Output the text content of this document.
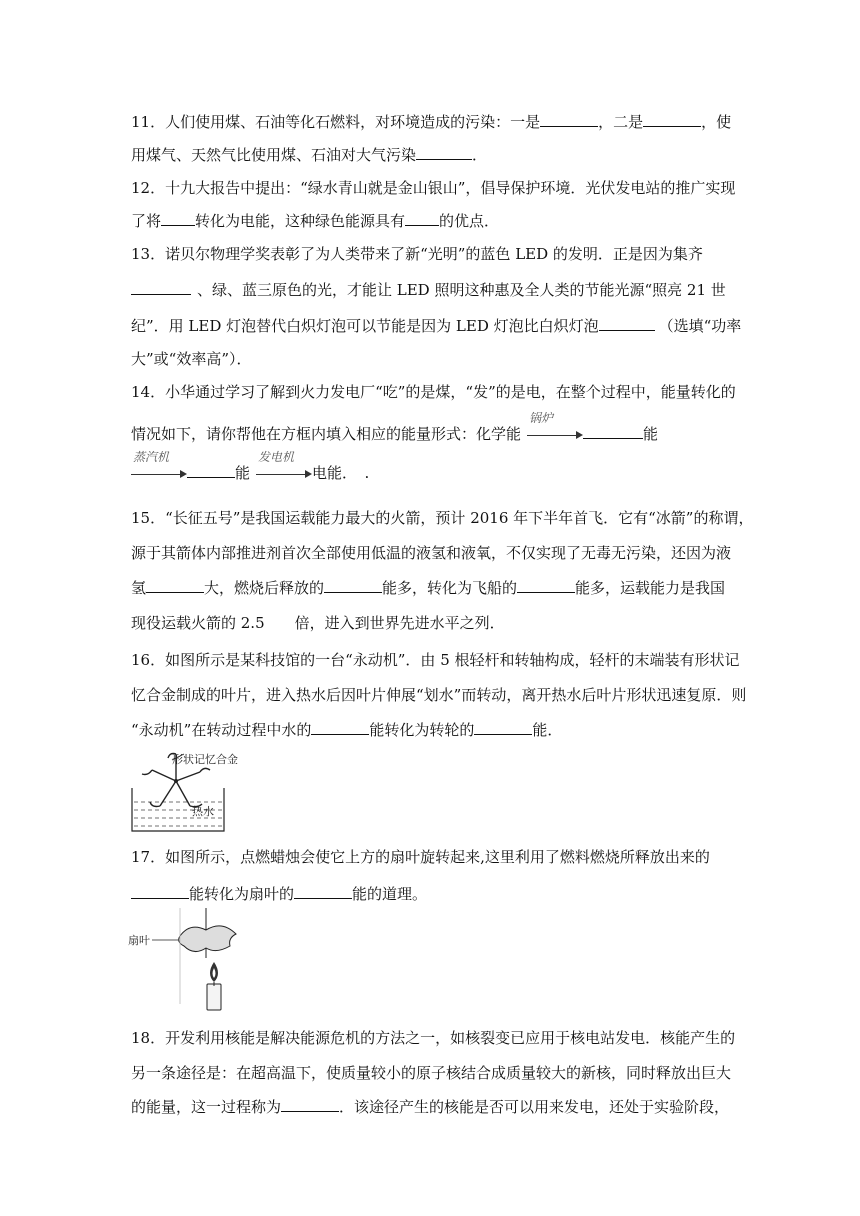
11．人们使用煤、石油等化石燃料，对环境造成的污染：一是	，二是	，使
用煤气、天然气比使用煤、石油对大气污染	．
12．十九大报告中提出：“绿水青山就是金山银山”，倡导保护环境．光伏发电站的推广实现
了将 转化为电能，这种绿色能源具有 的优点．
13．诺贝尔物理学奖表彰了为人类带来了新“光明”的蓝色 LED 的发明．正是因为集齐
、绿、蓝三原色的光，才能让 LED 照明这种惠及全人类的节能光源“照亮 21 世
纪”．用 LED 灯泡替代白炽灯泡可以节能是因为 LED 灯泡比白炽灯泡	（选填“功率
大”或“效率高”）．
14．小华通过学习了解到火力发电厂“吃”的是煤，“发”的是电，在整个过程中，能量转化的
情况如下，请你帮他在方框内填入相应的能量形式：化学能
锅炉
能
蒸汽机
能
发电机
电能．　.
15．“长征五号”是我国运载能力最大的火箭，预计 2016 年下半年首飞．它有“冰箭”的称谓，
源于其箭体内部推进剂首次全部使用低温的液氢和液氧，不仅实现了无毒无污染，还因为液
氢	大，燃烧后释放的	能多，转化为飞船的	能多，运载能力是我国
现役运载火箭的 2.5　　倍，进入到世界先进水平之列．
16．如图所示是某科技馆的一台“永动机”．由 5 根轻杆和转轴构成，轻杆的末端装有形状记
忆合金制成的叶片，进入热水后因叶片伸展“划水”而转动，离开热水后叶片形状迅速复原．则
“永动机”在转动过程中水的	能转化为转轮的	能．
形状记忆合金
热水
17．如图所示，点燃蜡烛会使它上方的扇叶旋转起来,这里利用了燃料燃烧所释放出来的
能转化为扇叶的	能的道理。
扇叶
18．开发利用核能是解决能源危机的方法之一，如核裂变已应用于核电站发电．核能产生的
另一条途径是：在超高温下，使质量较小的原子核结合成质量较大的新核，同时释放出巨大
的能量，这一过程称为	．该途径产生的核能是否可以用来发电，还处于实验阶段，
